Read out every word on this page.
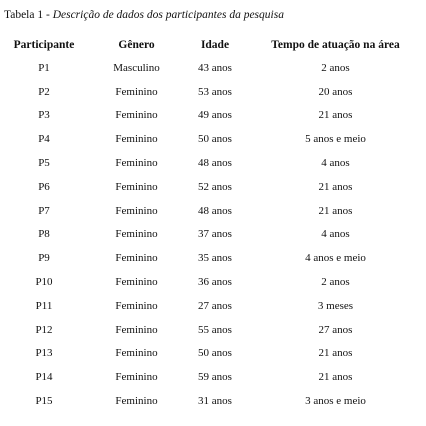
Tabela 1 - Descrição de dados dos participantes da pesquisa
Participante	Gênero	Idade	Tempo de atuação na área
P1	Masculino	43 anos	2 anos
P2	Feminino	53 anos	20 anos
P3	Feminino	49 anos	21 anos
P4	Feminino	50 anos	5 anos e meio
P5	Feminino	48 anos	4 anos
P6	Feminino	52 anos	21 anos
P7	Feminino	48 anos	21 anos
P8	Feminino	37 anos	4 anos
P9	Feminino	35 anos	4 anos e meio
P10	Feminino	36 anos	2 anos
P11	Feminino	27 anos	3 meses
P12	Feminino	55 anos	27 anos
P13	Feminino	50 anos	21 anos
P14	Feminino	59 anos	21 anos
P15	Feminino	31 anos	3 anos e meio
